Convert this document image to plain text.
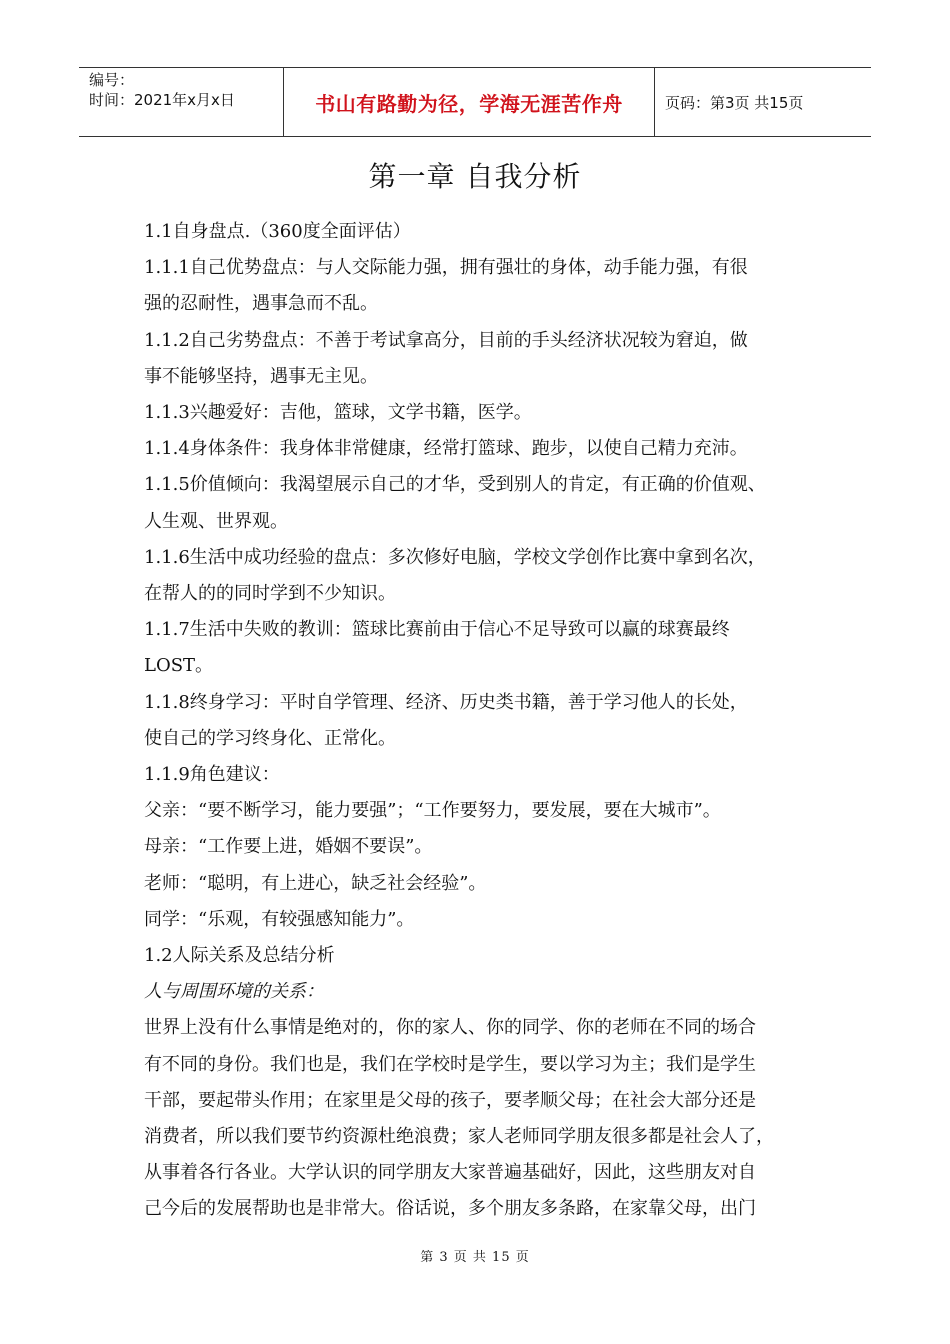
编号：
时间：2021年x月x日	书山有路勤为径，学海无涯苦作舟	页码：第3页 共15页
第一章 自我分析

1.1自身盘点.（360度全面评估）

1.1.1自己优势盘点：与人交际能力强，拥有强壮的身体，动手能力强，有很

强的忍耐性，遇事急而不乱。

1.1.2自己劣势盘点：不善于考试拿高分，目前的手头经济状况较为窘迫，做

事不能够坚持，遇事无主见。

1.1.3兴趣爱好：吉他，篮球，文学书籍，医学。

1.1.4身体条件：我身体非常健康，经常打篮球、跑步，以使自己精力充沛。

1.1.5价值倾向：我渴望展示自己的才华，受到别人的肯定，有正确的价值观、

人生观、世界观。

1.1.6生活中成功经验的盘点：多次修好电脑，学校文学创作比赛中拿到名次，

在帮人的的同时学到不少知识。

1.1.7生活中失败的教训：篮球比赛前由于信心不足导致可以赢的球赛最终

LOST。

1.1.8终身学习：平时自学管理、经济、历史类书籍，善于学习他人的长处，

使自己的学习终身化、正常化。

1.1.9角色建议：

父亲：“要不断学习，能力要强”；“工作要努力，要发展，要在大城市”。

母亲：“工作要上进，婚姻不要误”。

老师：“聪明，有上进心，缺乏社会经验”。

同学：“乐观，有较强感知能力”。

1.2人际关系及总结分析

人与周围环境的关系：

世界上没有什么事情是绝对的，你的家人、你的同学、你的老师在不同的场合

有不同的身份。我们也是，我们在学校时是学生，要以学习为主；我们是学生

干部，要起带头作用；在家里是父母的孩子，要孝顺父母；在社会大部分还是

消费者，所以我们要节约资源杜绝浪费；家人老师同学朋友很多都是社会人了，

从事着各行各业。大学认识的同学朋友大家普遍基础好，因此，这些朋友对自

己今后的发展帮助也是非常大。俗话说，多个朋友多条路，在家靠父母，出门

第 3 页 共 15 页
